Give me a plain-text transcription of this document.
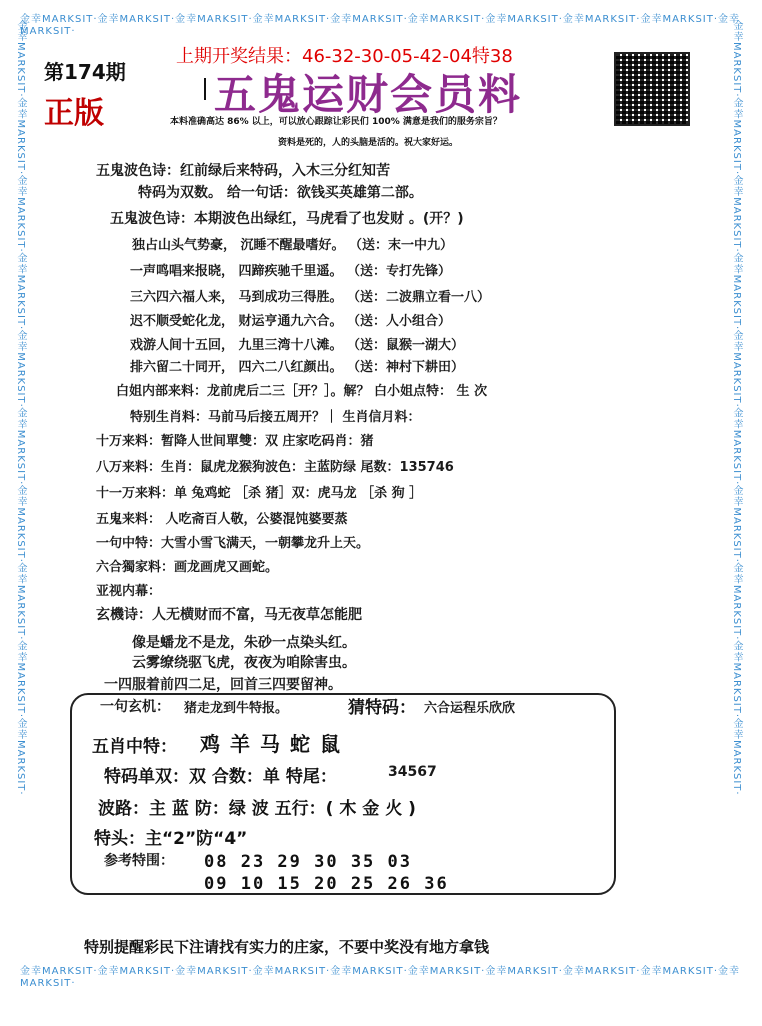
金幸MARKSIT·金幸MARKSIT·金幸MARKSIT·金幸MARKSIT·金幸MARKSIT·金幸MARKSIT·金幸MARKSIT·金幸MARKSIT·金幸MARKSIT·金幸MARKSIT·
金幸MARKSIT·金幸MARKSIT·金幸MARKSIT·金幸MARKSIT·金幸MARKSIT·金幸MARKSIT·金幸MARKSIT·金幸MARKSIT·金幸MARKSIT·金幸MARKSIT·
金幸MARKSIT·金幸MARKSIT·金幸MARKSIT·金幸MARKSIT·金幸MARKSIT·金幸MARKSIT·金幸MARKSIT·金幸MARKSIT·金幸MARKSIT·金幸MARKSIT·	金幸MARKSIT·金幸MARKSIT·金幸MARKSIT·金幸MARKSIT·金幸MARKSIT·金幸MARKSIT·金幸MARKSIT·金幸MARKSIT·金幸MARKSIT·金幸MARKSIT·
第174期
正版
上期开奖结果：46-32-30-05-42-04特38
五鬼运财会员料
本料准确高达 86% 以上，可以放心跟踪让彩民们 100% 满意是我们的服务宗旨？
资料是死的，人的头脑是活的。祝大家好运。
五鬼波色诗：红前绿后来特码，入木三分红知苦
特码为双数。 给一句话：欲钱买英雄第二部。
五鬼波色诗：本期波色出绿红，马虎看了也发财 。(开？)
独占山头气势豪， 沉睡不醒最嗜好。 （送：末一中九）
一声鸣唱来报晓， 四蹄疾驰千里遥。 （送：专打先锋）
三六四六福人来， 马到成功三得胜。 （送：二波鼎立看一八）
迟不顺受蛇化龙， 财运亨通九六合。 （送：人小组合）
戏游人间十五回， 九里三湾十八滩。 （送：鼠猴一湖大）
排六留二十同开， 四六二八红颜出。 （送：神村下耕田）
白姐内部来料：龙前虎后二三［开？］。解？ 白小姐点特： 生 次
特别生肖料：马前马后接五周开？｜ 生肖信月料：
十万来料：暂降人世间單雙：双 庄家吃码肖：猪
八万来料：生肖：鼠虎龙猴狗波色：主蓝防绿 尾数：135746
十一万来料：单 兔鸡蛇 ［杀 猪］双：虎马龙 ［杀 狗 ］
五鬼来料： 人吃斋百人敬，公婆混饨婆要蒸
一句中特：大雪小雪飞满天，一朝攀龙升上天。
六合獨家料：画龙画虎又画蛇。
亚视内幕：
玄機诗：人无横财而不富，马无夜草怎能肥
像是蟠龙不是龙，朱砂一点染头红。
云雾缭绕驱飞虎，夜夜为咱除害虫。
一四服着前四二足，回首三四要留神。
一句玄机： 猪走龙到牛特报。	猜特码： 六合运程乐欣欣
五肖中特： 鸡羊马蛇鼠
特码单双：双 合数：单 特尾：	34567
波路：主 蓝 防：绿 波 五行：( 木 金 火 )
特头：主“2”防“4”
参考特围： 08 23 29 30 35 03
09 10 15 20 25 26 36
特别提醒彩民下注请找有实力的庄家，不要中奖没有地方拿钱
